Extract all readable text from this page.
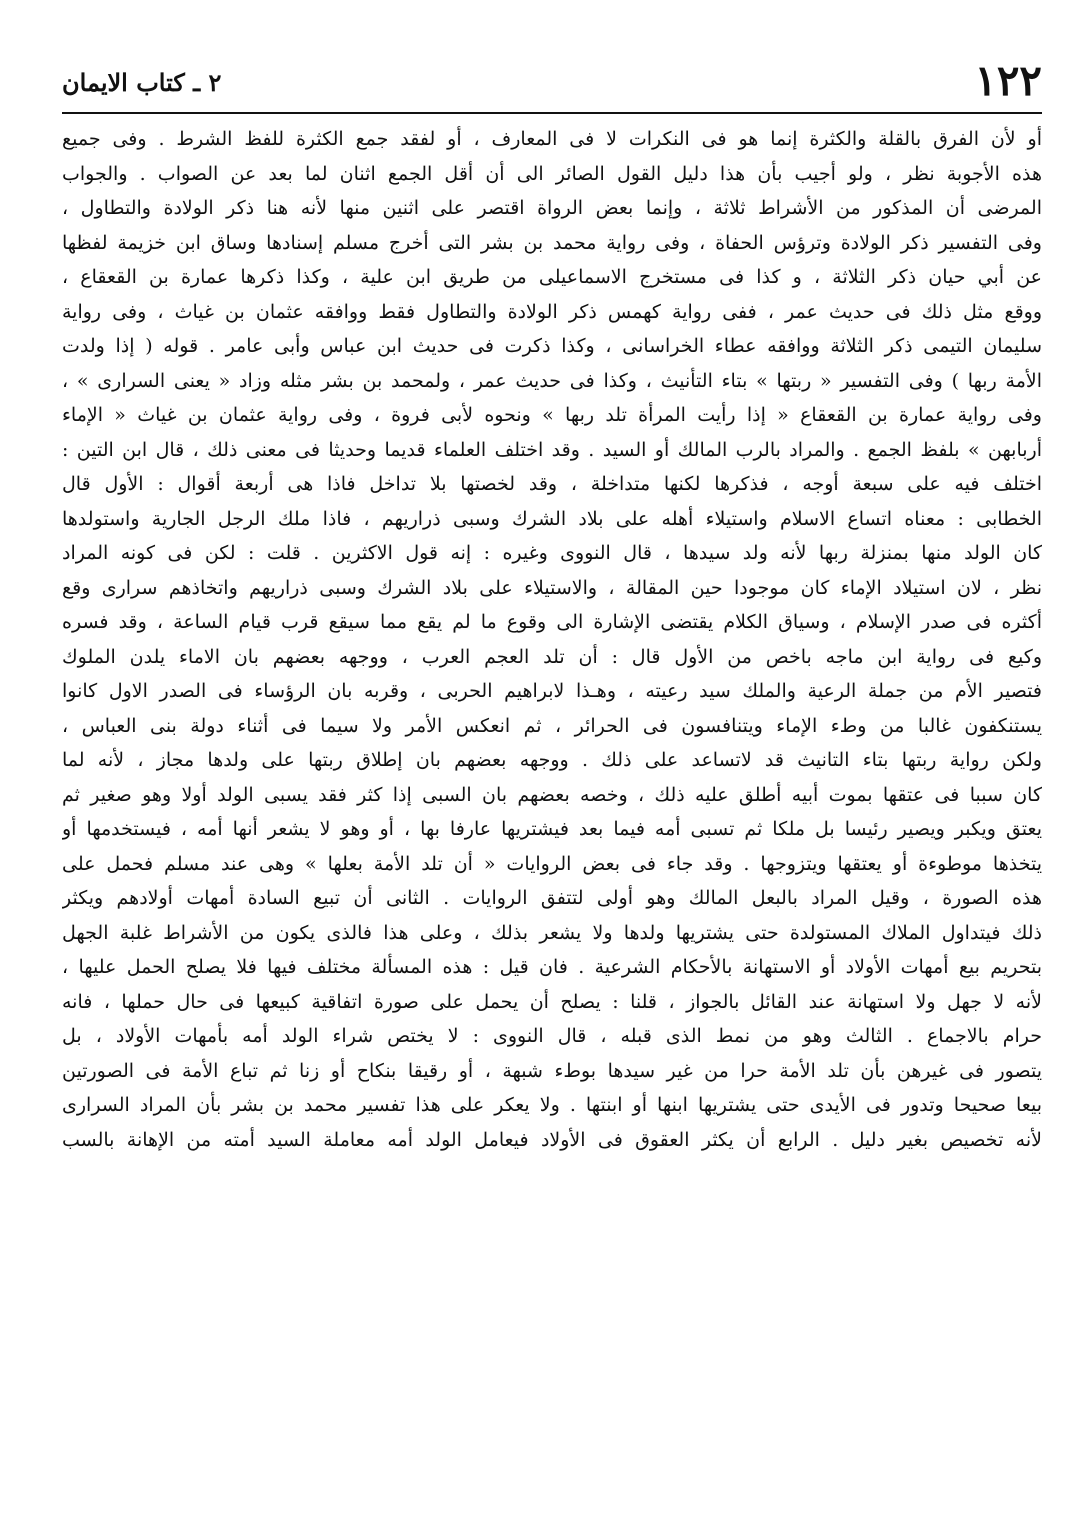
١٢٢
٢ ـ كتاب الايمان
أو لأن الفرق بالقلة والكثرة إنما هو فى النكرات لا فى المعارف ، أو لفقد جمع الكثرة للفظ الشرط . وفى جميع
هذه الأجوبة نظر ، ولو أجيب بأن هذا دليل القول الصائر الى أن أقل الجمع اثنان لما بعد عن الصواب . والجواب
المرضى أن المذكور من الأشراط ثلاثة ، وإنما بعض الرواة اقتصر على اثنين منها لأنه هنا ذكر الولادة والتطاول ،
وفى التفسير ذكر الولادة وترؤس الحفاة ، وفى رواية محمد بن بشر التى أخرج مسلم إسنادها وساق ابن خزيمة لفظها
عن أبي حيان ذكر الثلاثة ، و كذا فى مستخرج الاسماعيلى من طريق ابن علية ، وكذا ذكرها عمارة بن القعقاع ،
ووقع مثل ذلك فى حديث عمر ، ففى رواية كهمس ذكر الولادة والتطاول فقط ووافقه عثمان بن غياث ، وفى رواية
سليمان التيمى ذكر الثلاثة ووافقه عطاء الخراسانى ، وكذا ذكرت فى حديث ابن عباس وأبى عامر . قوله ( إذا ولدت
الأمة ربها ) وفى التفسير « ربتها » بتاء التأنيث ، وكذا فى حديث عمر ، ولمحمد بن بشر مثله وزاد « يعنى السرارى » ،
وفى رواية عمارة بن القعقاع « إذا رأيت المرأة تلد ربها » ونحوه لأبى فروة ، وفى رواية عثمان بن غياث « الإماء
أربابهن » بلفظ الجمع . والمراد بالرب المالك أو السيد . وقد اختلف العلماء قديما وحديثا فى معنى ذلك ، قال ابن التين :
اختلف فيه على سبعة أوجه ، فذكرها لكنها متداخلة ، وقد لخصتها بلا تداخل فاذا هى أربعة أقوال : الأول قال
الخطابى : معناه اتساع الاسلام واستيلاء أهله على بلاد الشرك وسبى ذراريهم ، فاذا ملك الرجل الجارية واستولدها
كان الولد منها بمنزلة ربها لأنه ولد سيدها ، قال النووى وغيره : إنه قول الاكثرين . قلت : لكن فى كونه المراد
نظر ، لان استيلاد الإماء كان موجودا حين المقالة ، والاستيلاء على بلاد الشرك وسبى ذراريهم واتخاذهم سرارى وقع
أكثره فى صدر الإسلام ، وسياق الكلام يقتضى الإشارة الى وقوع ما لم يقع مما سيقع قرب قيام الساعة ، وقد فسره
وكيع فى رواية ابن ماجه باخص من الأول قال : أن تلد العجم العرب ، ووجهه بعضهم بان الاماء يلدن الملوك
فتصير الأم من جملة الرعية والملك سيد رعيته ، وهـذا لابراهيم الحربى ، وقربه بان الرؤساء فى الصدر الاول كانوا
يستنكفون غالبا من وطء الإماء ويتنافسون فى الحرائر ، ثم انعكس الأمر ولا سيما فى أثناء دولة بنى العباس ،
ولكن رواية ربتها بتاء التانيث قد لاتساعد على ذلك . ووجهه بعضهم بان إطلاق ربتها على ولدها مجاز ، لأنه لما
كان سببا فى عتقها بموت أبيه أطلق عليه ذلك ، وخصه بعضهم بان السبى إذا كثر فقد يسبى الولد أولا وهو صغير ثم
يعتق ويكبر ويصير رئيسا بل ملكا ثم تسبى أمه فيما بعد فيشتريها عارفا بها ، أو وهو لا يشعر أنها أمه ، فيستخدمها أو
يتخذها موطوءة أو يعتقها ويتزوجها . وقد جاء فى بعض الروايات « أن تلد الأمة بعلها » وهى عند مسلم فحمل على
هذه الصورة ، وقيل المراد بالبعل المالك وهو أولى لتتفق الروايات . الثانى أن تبيع السادة أمهات أولادهم ويكثر
ذلك فيتداول الملاك المستولدة حتى يشتريها ولدها ولا يشعر بذلك ، وعلى هذا فالذى يكون من الأشراط غلبة الجهل
بتحريم بيع أمهات الأولاد أو الاستهانة بالأحكام الشرعية . فان قيل : هذه المسألة مختلف فيها فلا يصلح الحمل عليها ،
لأنه لا جهل ولا استهانة عند القائل بالجواز ، قلنا : يصلح أن يحمل على صورة اتفاقية كبيعها فى حال حملها ، فانه
حرام بالاجماع . الثالث وهو من نمط الذى قبله ، قال النووى : لا يختص شراء الولد أمه بأمهات الأولاد ، بل
يتصور فى غيرهن بأن تلد الأمة حرا من غير سيدها بوطء شبهة ، أو رقيقا بنكاح أو زنا ثم تباع الأمة فى الصورتين
بيعا صحيحا وتدور فى الأيدى حتى يشتريها ابنها أو ابنتها . ولا يعكر على هذا تفسير محمد بن بشر بأن المراد السرارى
لأنه تخصيص بغير دليل . الرابع أن يكثر العقوق فى الأولاد فيعامل الولد أمه معاملة السيد أمته من الإهانة بالسب
